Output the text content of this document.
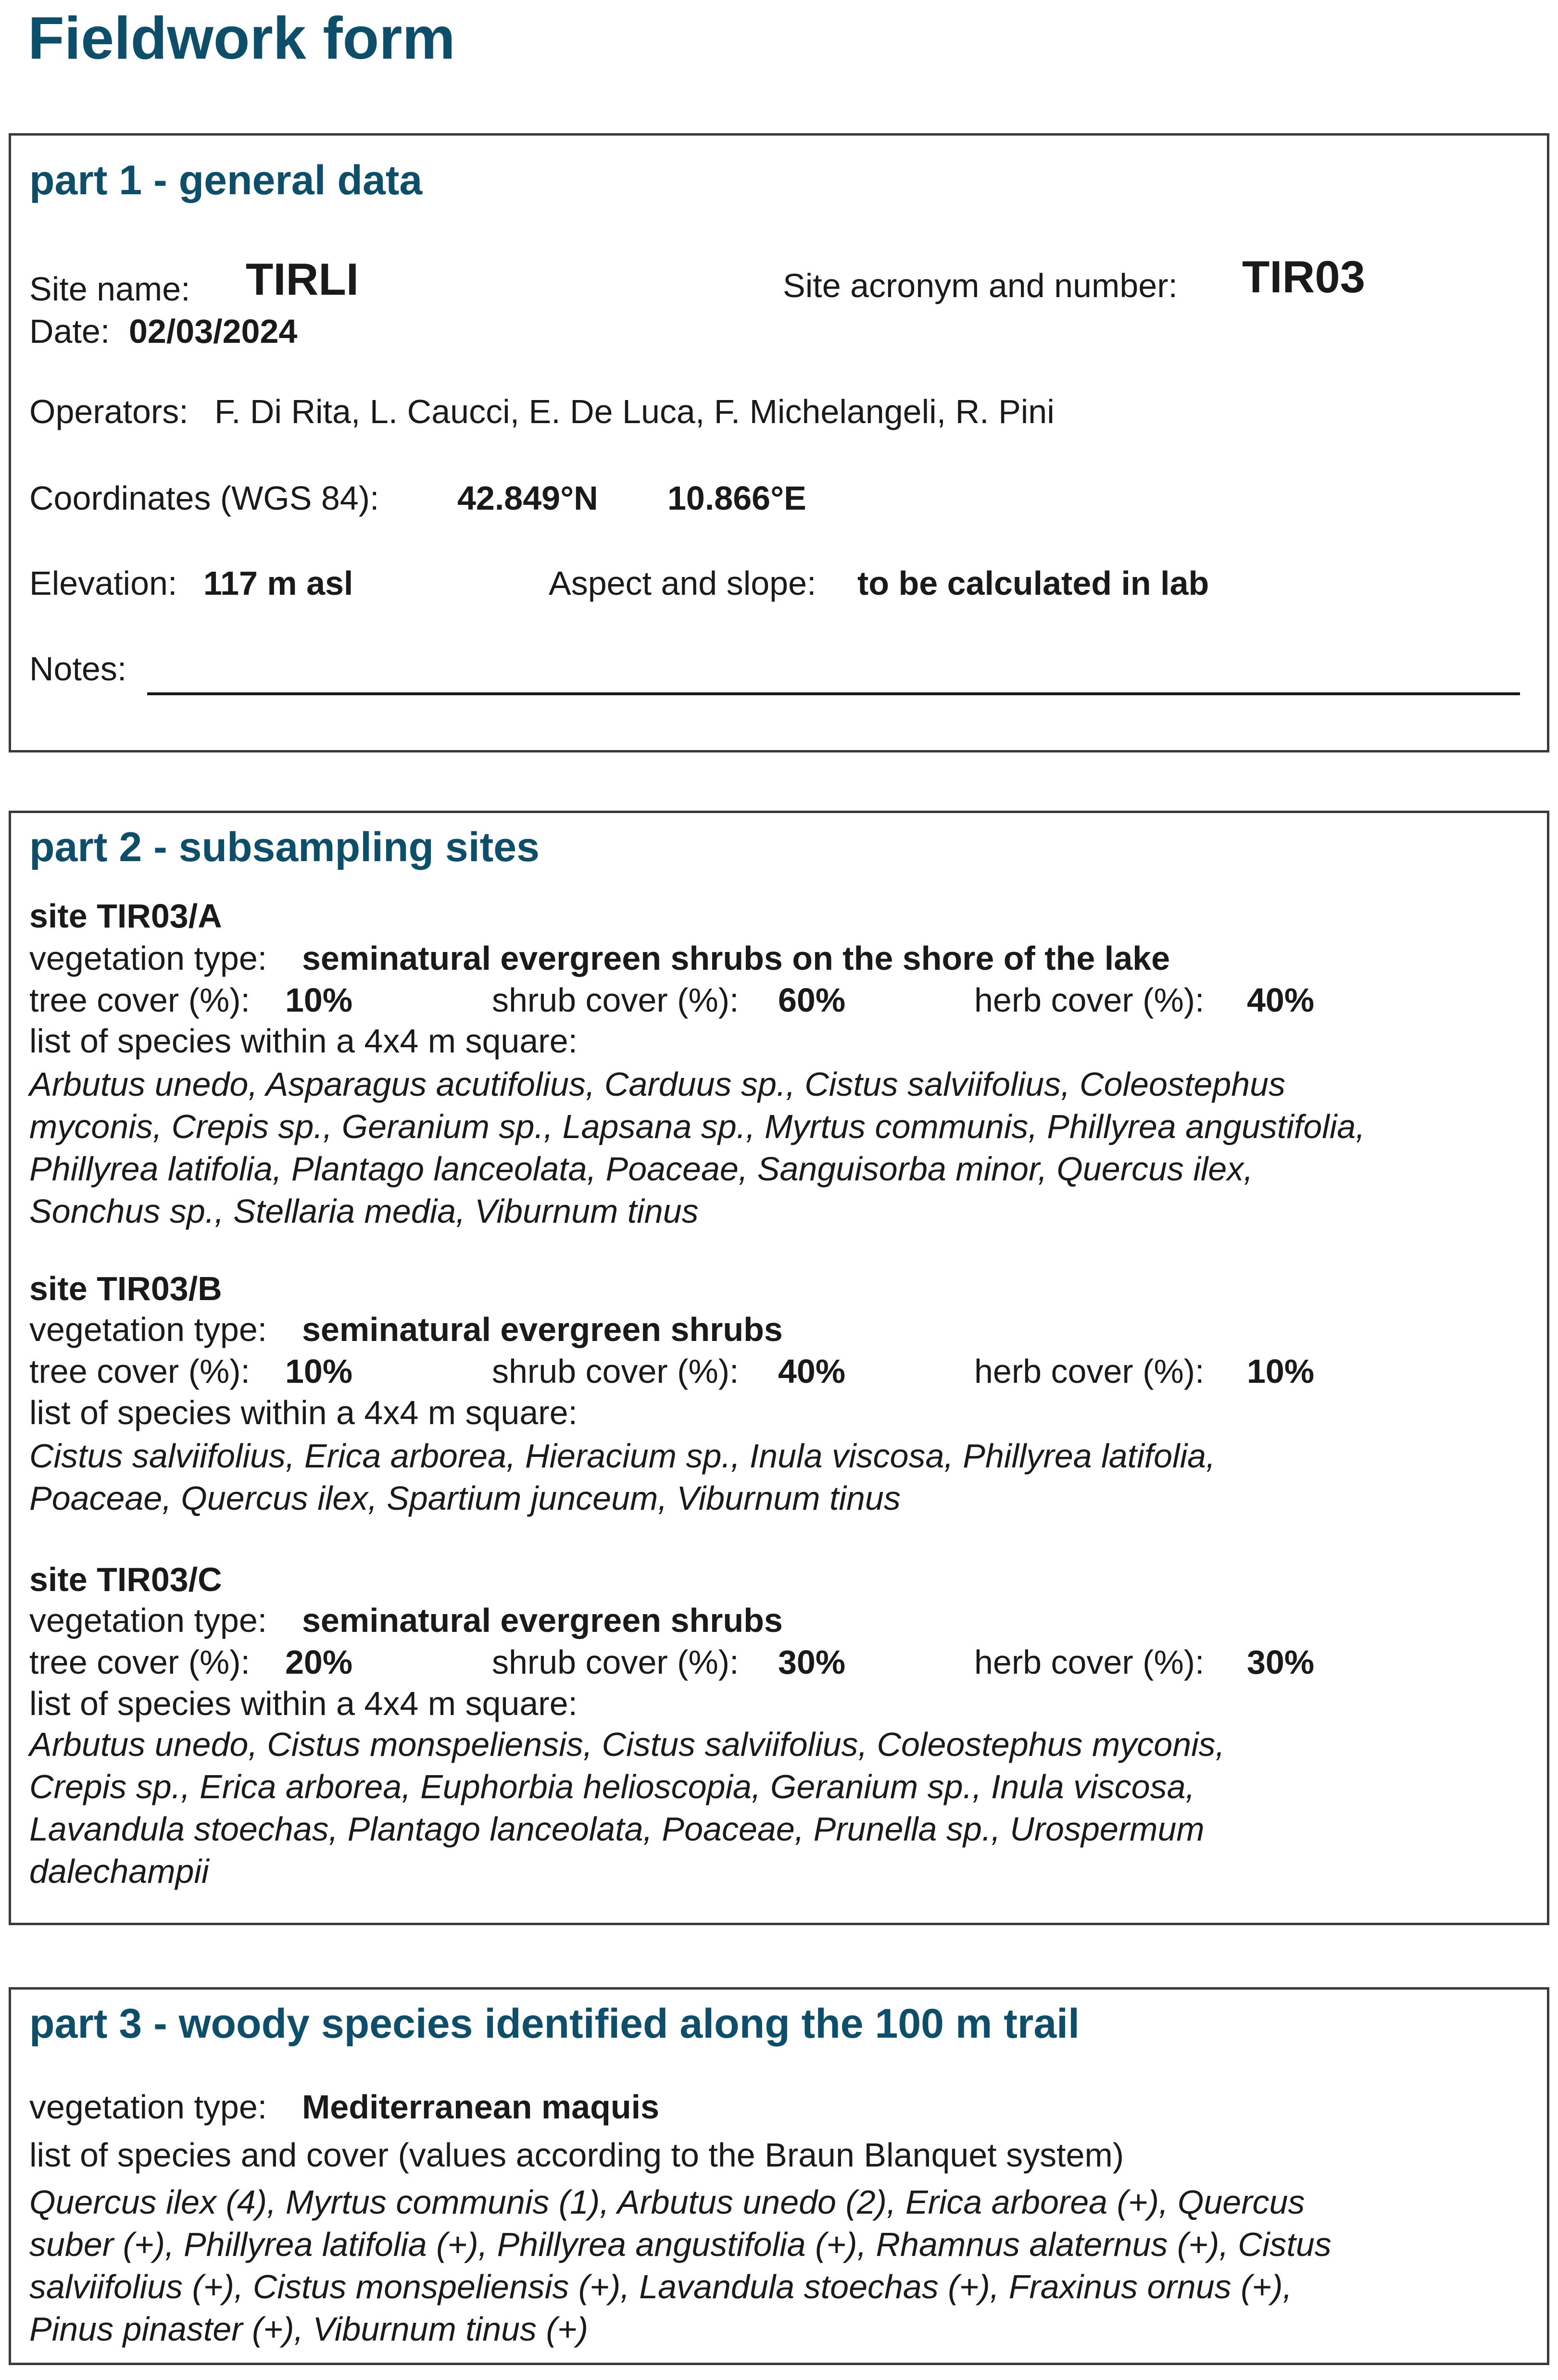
Fieldwork form
part 1 - general data
Site name: TIRLI	Site acronym and number: TIR03
Date: 02/03/2024
Operators: F. Di Rita, L. Caucci, E. De Luca, F. Michelangeli, R. Pini
Coordinates (WGS 84): 42.849°N 10.866°E
Elevation: 117 m asl	Aspect and slope: to be calculated in lab
Notes:
part 2 - subsampling sites
site TIR03/A
vegetation type: seminatural evergreen shrubs on the shore of the lake
tree cover (%): 10%	shrub cover (%): 60%	herb cover (%): 40%
list of species within a 4x4 m square:
Arbutus unedo, Asparagus acutifolius, Carduus sp., Cistus salviifolius, Coleostephus
myconis, Crepis sp., Geranium sp., Lapsana sp., Myrtus communis, Phillyrea angustifolia,
Phillyrea latifolia, Plantago lanceolata, Poaceae, Sanguisorba minor, Quercus ilex,
Sonchus sp., Stellaria media, Viburnum tinus
site TIR03/B
vegetation type: seminatural evergreen shrubs
tree cover (%): 10%	shrub cover (%): 40%	herb cover (%): 10%
list of species within a 4x4 m square:
Cistus salviifolius, Erica arborea, Hieracium sp., Inula viscosa, Phillyrea latifolia,
Poaceae, Quercus ilex, Spartium junceum, Viburnum tinus
site TIR03/C
vegetation type: seminatural evergreen shrubs
tree cover (%): 20%	shrub cover (%): 30%	herb cover (%): 30%
list of species within a 4x4 m square:
Arbutus unedo, Cistus monspeliensis, Cistus salviifolius, Coleostephus myconis,
Crepis sp., Erica arborea, Euphorbia helioscopia, Geranium sp., Inula viscosa,
Lavandula stoechas, Plantago lanceolata, Poaceae, Prunella sp., Urospermum
dalechampii
part 3 - woody species identified along the 100 m trail
vegetation type: Mediterranean maquis
list of species and cover (values according to the Braun Blanquet system)
Quercus ilex (4), Myrtus communis (1), Arbutus unedo (2), Erica arborea (+), Quercus
suber (+), Phillyrea latifolia (+), Phillyrea angustifolia (+), Rhamnus alaternus (+), Cistus
salviifolius (+), Cistus monspeliensis (+), Lavandula stoechas (+), Fraxinus ornus (+),
Pinus pinaster (+), Viburnum tinus (+)
